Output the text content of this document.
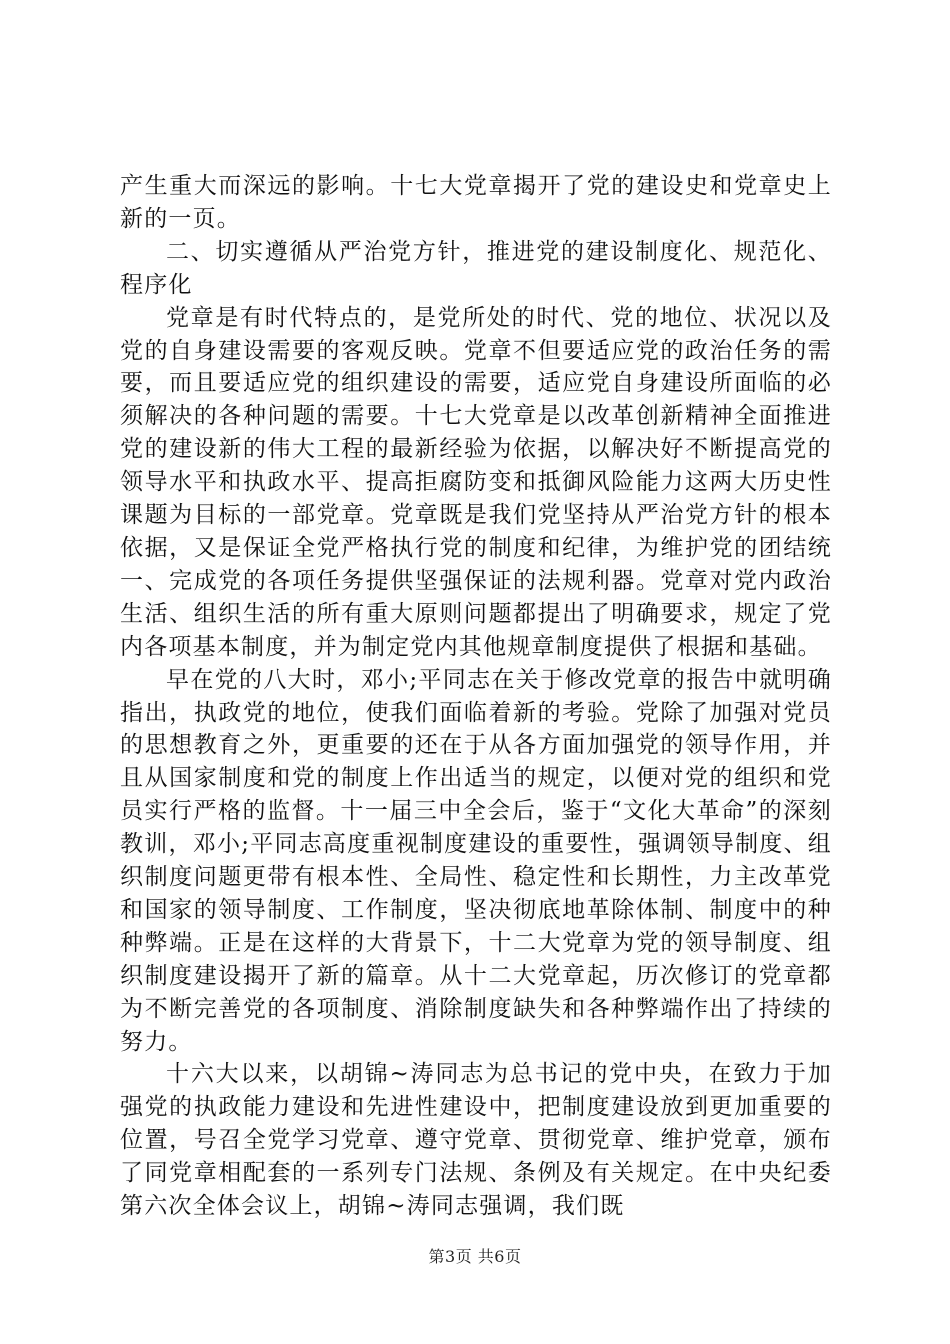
产生重大而深远的影响。十七大党章揭开了党的建设史和党章史上新的一页。

二、切实遵循从严治党方针，推进党的建设制度化、规范化、程序化

党章是有时代特点的，是党所处的时代、党的地位、状况以及党的自身建设需要的客观反映。党章不但要适应党的政治任务的需要，而且要适应党的组织建设的需要，适应党自身建设所面临的必须解决的各种问题的需要。十七大党章是以改革创新精神全面推进党的建设新的伟大工程的最新经验为依据，以解决好不断提高党的领导水平和执政水平、提高拒腐防变和抵御风险能力这两大历史性课题为目标的一部党章。党章既是我们党坚持从严治党方针的根本依据，又是保证全党严格执行党的制度和纪律，为维护党的团结统一、完成党的各项任务提供坚强保证的法规利器。党章对党内政治生活、组织生活的所有重大原则问题都提出了明确要求，规定了党内各项基本制度，并为制定党内其他规章制度提供了根据和基础。

早在党的八大时，邓小;平同志在关于修改党章的报告中就明确指出，执政党的地位，使我们面临着新的考验。党除了加强对党员的思想教育之外，更重要的还在于从各方面加强党的领导作用，并且从国家制度和党的制度上作出适当的规定，以便对党的组织和党员实行严格的监督。十一届三中全会后，鉴于“文化大革命”的深刻教训，邓小;平同志高度重视制度建设的重要性，强调领导制度、组织制度问题更带有根本性、全局性、稳定性和长期性，力主改革党和国家的领导制度、工作制度，坚决彻底地革除体制、制度中的种种弊端。正是在这样的大背景下，十二大党章为党的领导制度、组织制度建设揭开了新的篇章。从十二大党章起，历次修订的党章都为不断完善党的各项制度、消除制度缺失和各种弊端作出了持续的努力。

十六大以来，以胡锦~涛同志为总书记的党中央，在致力于加强党的执政能力建设和先进性建设中，把制度建设放到更加重要的位置，号召全党学习党章、遵守党章、贯彻党章、维护党章，颁布了同党章相配套的一系列专门法规、条例及有关规定。在中央纪委第六次全体会议上，胡锦~涛同志强调，我们既

第3页 共6页
